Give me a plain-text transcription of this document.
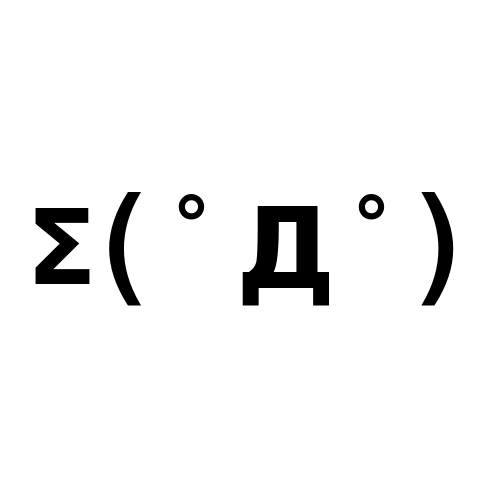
Σ ( ° Д ° )
